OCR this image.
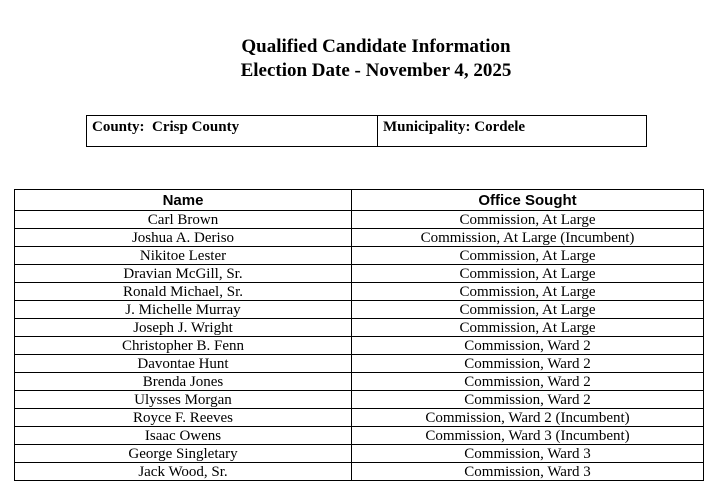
Qualified Candidate Information
Election Date - November 4, 2025
County:  Crisp County	Municipality: Cordele
Name	Office Sought
Carl Brown	Commission, At Large
Joshua A. Deriso	Commission, At Large (Incumbent)
Nikitoe Lester	Commission, At Large
Dravian McGill, Sr.	Commission, At Large
Ronald Michael, Sr.	Commission, At Large
J. Michelle Murray	Commission, At Large
Joseph J. Wright	Commission, At Large
Christopher B. Fenn	Commission, Ward 2
Davontae Hunt	Commission, Ward 2
Brenda Jones	Commission, Ward 2
Ulysses Morgan	Commission, Ward 2
Royce F. Reeves	Commission, Ward 2 (Incumbent)
Isaac Owens	Commission, Ward 3 (Incumbent)
George Singletary	Commission, Ward 3
Jack Wood, Sr.	Commission, Ward 3
